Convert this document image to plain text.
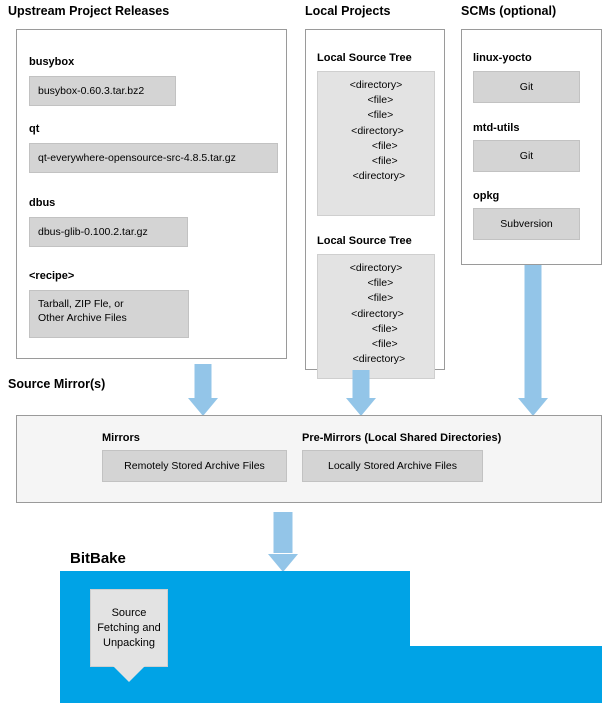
Upstream Project Releases	Local Projects	SCMs (optional)
Source Mirror(s)
BitBake
busybox
busybox-0.60.3.tar.bz2
qt
qt-everywhere-opensource-src-4.8.5.tar.gz
dbus
dbus-glib-0.100.2.tar.gz
<recipe>
Tarball, ZIP Fle, or
Other Archive Files
Local Source Tree
<directory>
<file>
<file>
<directory>
<file>
<file>
<directory>
Local Source Tree
<directory>
<file>
<file>
<directory>
<file>
<file>
<directory>
linux-yocto
Git
mtd-utils
Git
opkg
Subversion
Mirrors
Remotely Stored Archive Files
Pre-Mirrors (Local Shared Directories)
Locally Stored Archive Files
Source
Fetching and
Unpacking
